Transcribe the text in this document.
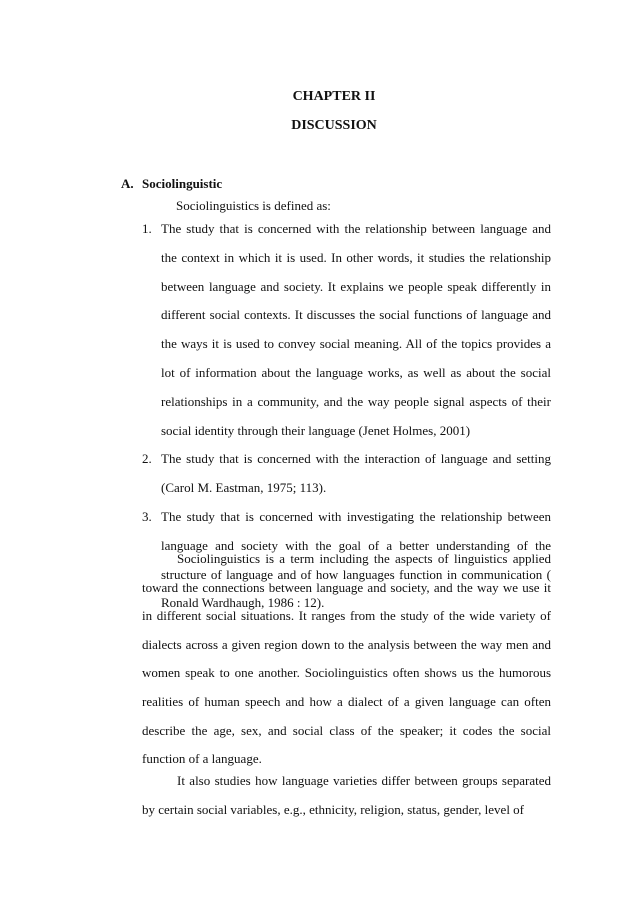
CHAPTER II
DISCUSSION
A. Sociolinguistic
Sociolinguistics is defined as:
1. The study that is concerned with the relationship between language and the context in which it is used. In other words, it studies the relationship between language and society. It explains we people speak differently in different social contexts. It discusses the social functions of language and the ways it is used to convey social meaning. All of the topics provides a lot of information about the language works, as well as about the social relationships in a community, and the way people signal aspects of their social identity through their language (Jenet Holmes, 2001)
2. The study that is concerned with the interaction of language and setting (Carol M. Eastman, 1975; 113).
3. The study that is concerned with investigating the relationship between language and society with the goal of a better understanding of the structure of language and of how languages function in communication ( Ronald Wardhaugh, 1986 : 12).
Sociolinguistics is a term including the aspects of linguistics applied toward the connections between language and society, and the way we use it in different social situations. It ranges from the study of the wide variety of dialects across a given region down to the analysis between the way men and women speak to one another. Sociolinguistics often shows us the humorous realities of human speech and how a dialect of a given language can often describe the age, sex, and social class of the speaker; it codes the social function of a language.
It also studies how language varieties differ between groups separated by certain social variables, e.g., ethnicity, religion, status, gender, level of
